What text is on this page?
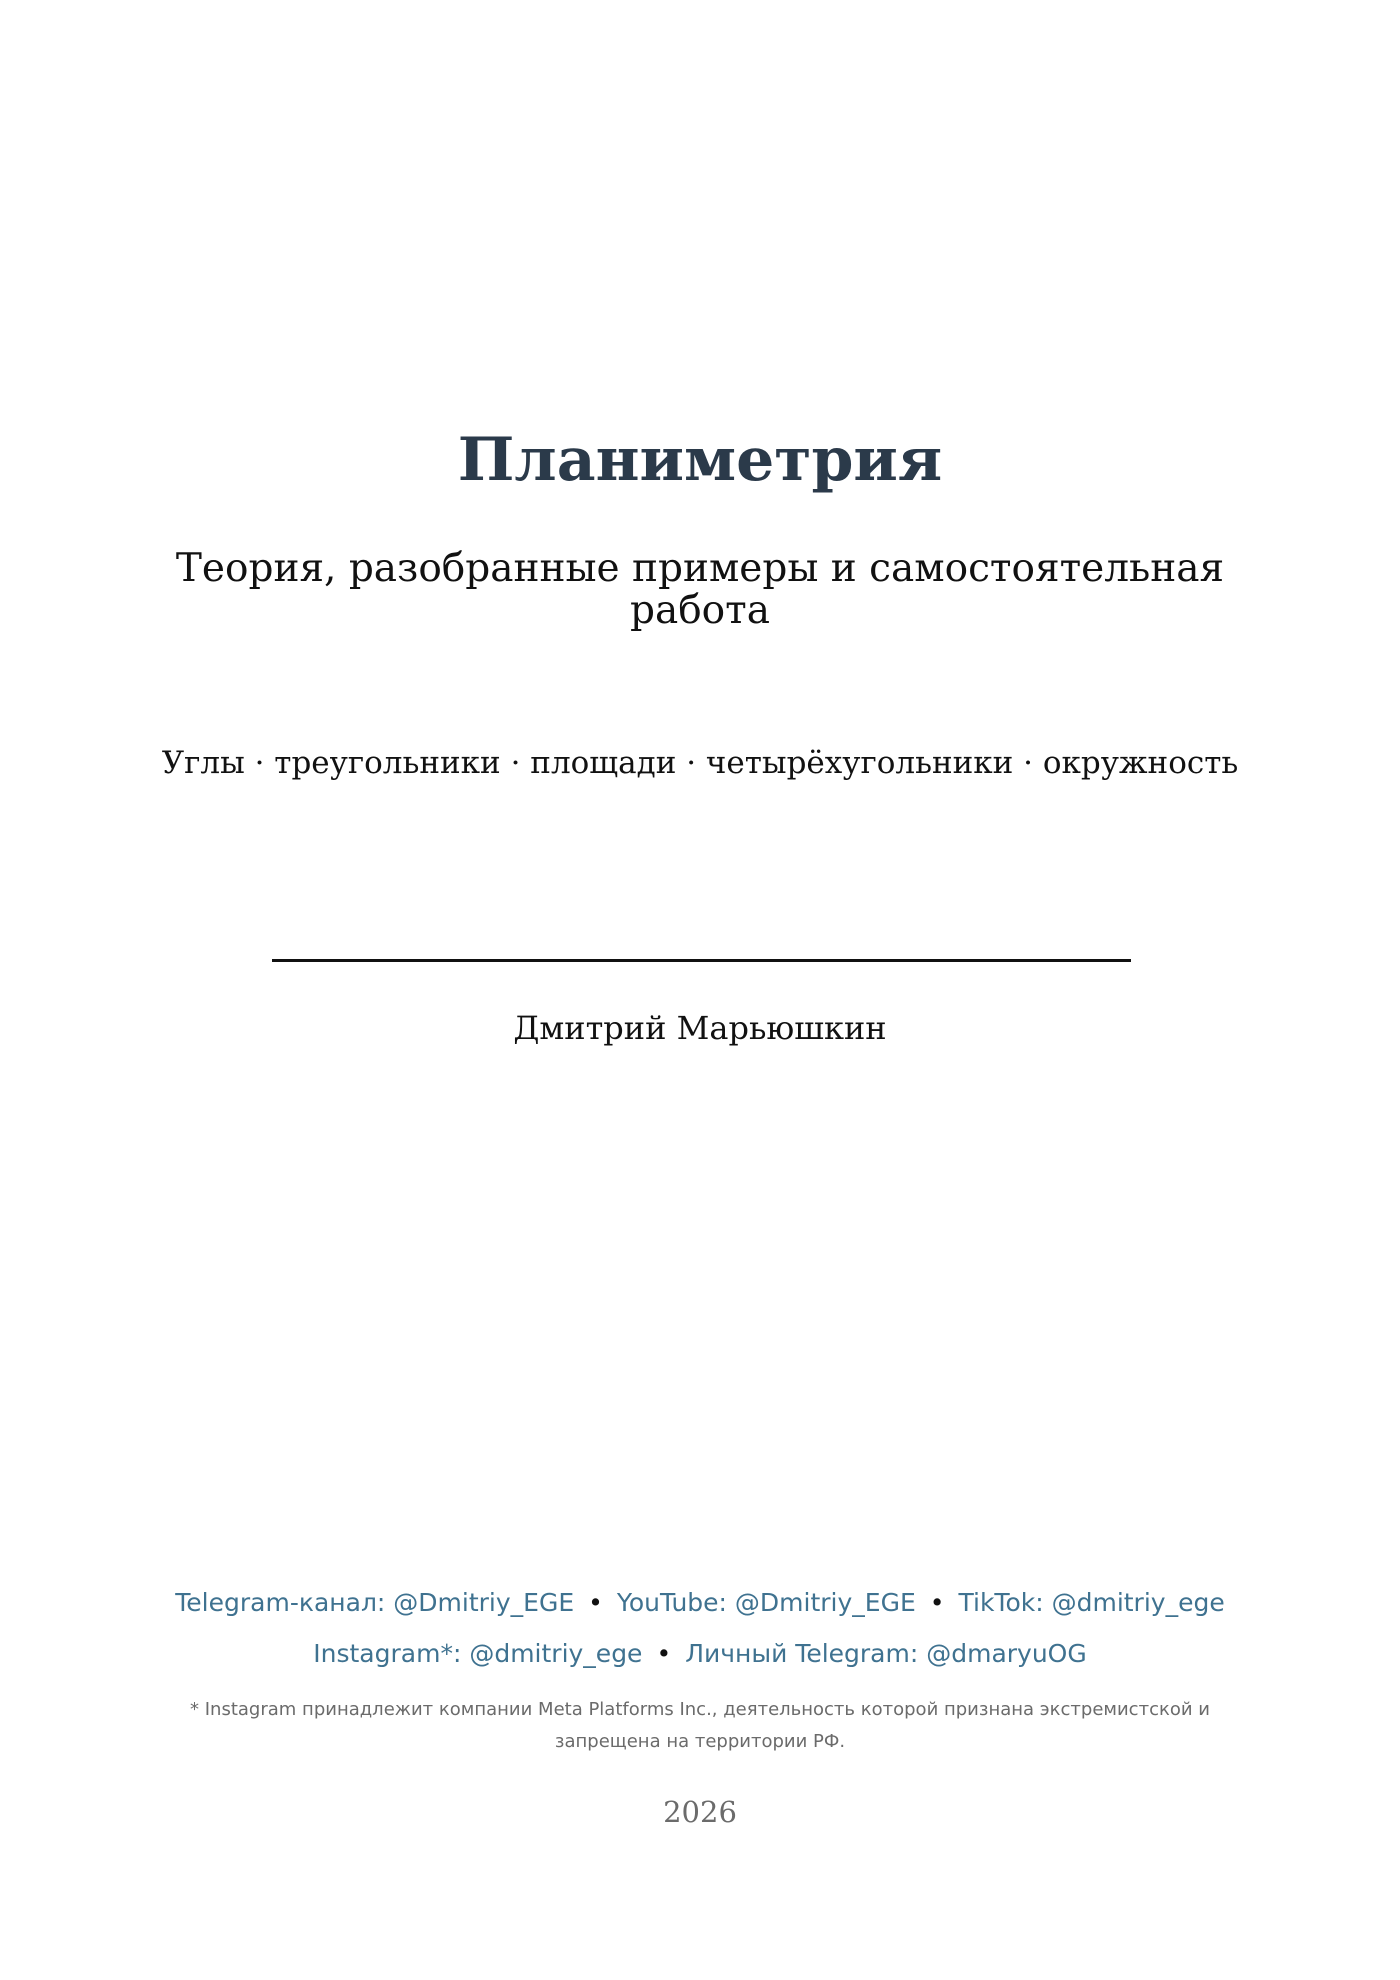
Планиметрия
Теория, разобранные примеры и самостоятельная работа
Углы · треугольники · площади · четырёхугольники · окружность
Дмитрий Марьюшкин
Telegram-канал: @Dmitriy_EGE • YouTube: @Dmitriy_EGE • TikTok: @dmitriy_ege
Instagram*: @dmitriy_ege • Личный Telegram: @dmaryuOG
* Instagram принадлежит компании Meta Platforms Inc., деятельность которой признана экстремистской и запрещена на территории РФ.
2026
